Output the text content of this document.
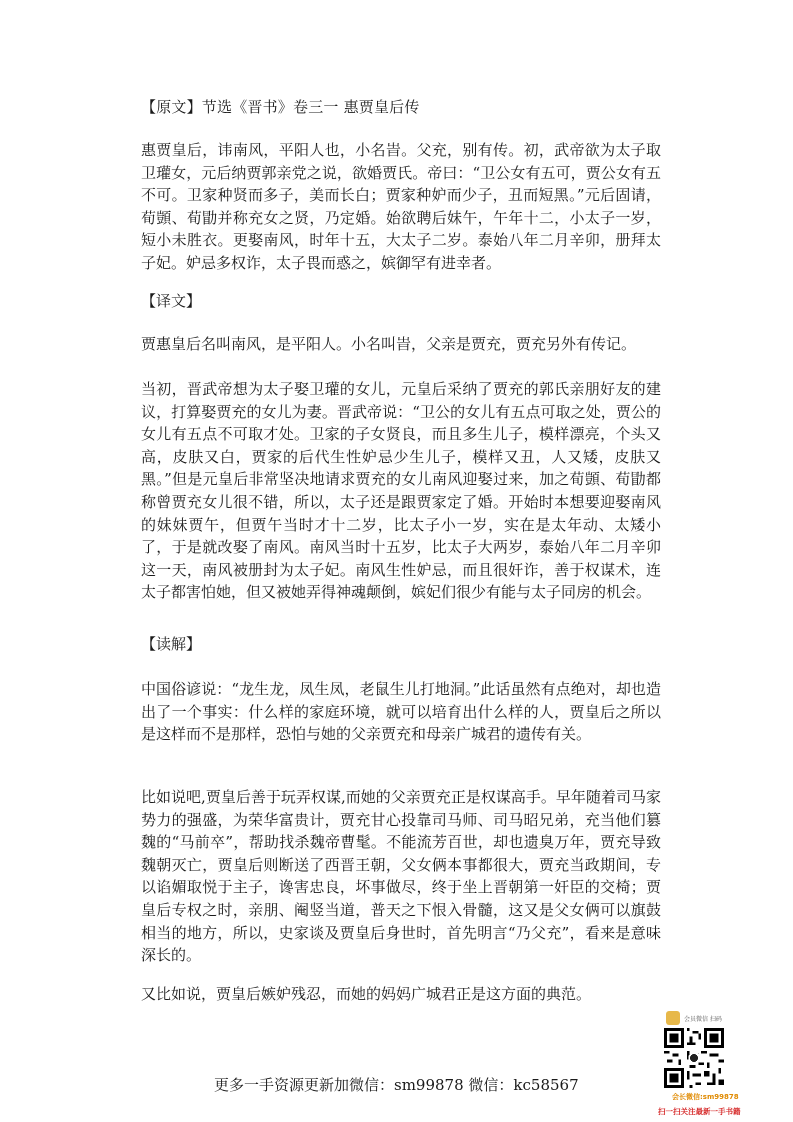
【原文】节选《晋书》卷三一 惠贾皇后传

惠贾皇后，讳南风，平阳人也，小名旹。父充，别有传。初，武帝欲为太子取卫瓘女，元后纳贾郭亲党之说，欲婚贾氏。帝曰：“卫公女有五可，贾公女有五不可。卫家种贤而多子，美而长白；贾家种妒而少子，丑而短黑。”元后固请，荀顗、荀勖并称充女之贤，乃定婚。始欲聘后妹午，午年十二，小太子一岁，短小未胜衣。更娶南风，时年十五，大太子二岁。泰始八年二月辛卯，册拜太子妃。妒忌多权诈，太子畏而惑之，嫔御罕有进幸者。

【译文】

贾惠皇后名叫南风，是平阳人。小名叫旹，父亲是贾充，贾充另外有传记。

当初，晋武帝想为太子娶卫瓘的女儿，元皇后采纳了贾充的郭氏亲朋好友的建议，打算娶贾充的女儿为妻。晋武帝说：“卫公的女儿有五点可取之处，贾公的女儿有五点不可取才处。卫家的子女贤良，而且多生儿子，模样漂亮，个头又高，皮肤又白，贾家的后代生性妒忌少生儿子，模样又丑，人又矮，皮肤又黑。”但是元皇后非常坚决地请求贾充的女儿南风迎娶过来，加之荀顗、荀勖都称曾贾充女儿很不错，所以，太子还是跟贾家定了婚。开始时本想要迎娶南风的妹妹贾午，但贾午当时才十二岁，比太子小一岁，实在是太年动、太矮小了，于是就改娶了南风。南风当时十五岁，比太子大两岁，泰始八年二月辛卯这一天，南风被册封为太子妃。南风生性妒忌，而且很奸诈，善于权谋术，连太子都害怕她，但又被她弄得神魂颠倒，嫔妃们很少有能与太子同房的机会。

【读解】

中国俗谚说：“龙生龙，凤生凤，老鼠生儿打地洞。”此话虽然有点绝对，却也造出了一个事实：什么样的家庭环境，就可以培育出什么样的人，贾皇后之所以是这样而不是那样，恐怕与她的父亲贾充和母亲广城君的遗传有关。

比如说吧,贾皇后善于玩弄权谋,而她的父亲贾充正是权谋高手。早年随着司马家势力的强盛，为荣华富贵计，贾充甘心投靠司马师、司马昭兄弟，充当他们篡魏的“马前卒”，帮助找杀魏帝曹髦。不能流芳百世，却也遗臭万年，贾充导致魏朝灭亡，贾皇后则断送了西晋王朝，父女俩本事都很大，贾充当政期间，专以谄媚取悦于主子，谗害忠良，坏事做尽，终于坐上晋朝第一奸臣的交椅；贾皇后专权之时，亲朋、阉竖当道，普天之下恨入骨髓，这又是父女俩可以旗鼓相当的地方，所以，史家谈及贾皇后身世时，首先明言“乃父充”，看来是意味深长的。

又比如说，贾皇后嫉妒残忍，而她的妈妈广城君正是这方面的典范。

更多一手资源更新加微信：sm99878 微信：kc58567
会员微信 扫码
会长微信:sm99878
扫一扫关注最新一手书籍
